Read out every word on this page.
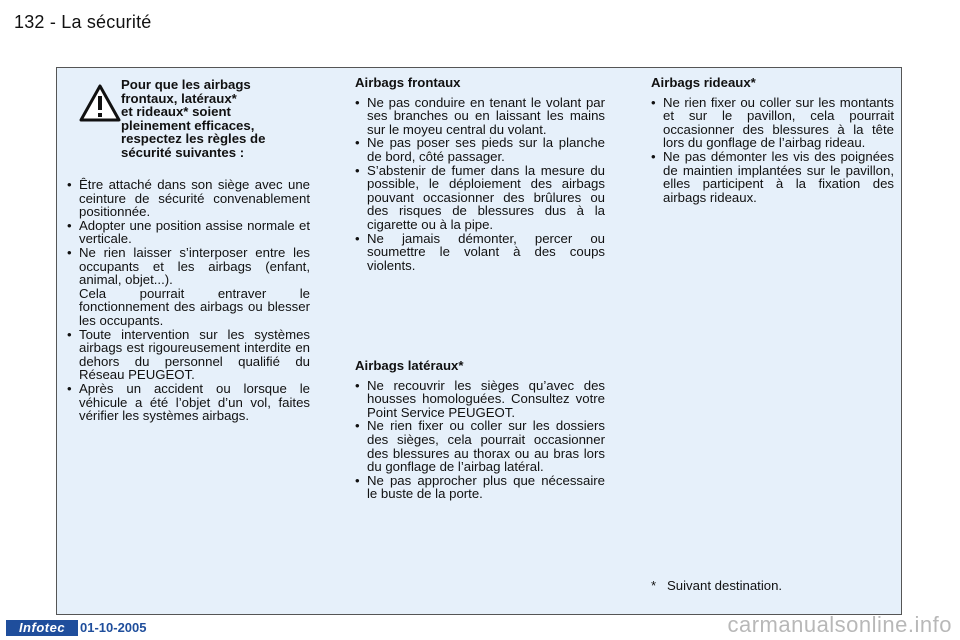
132 - La sécurité
Pour que les airbags
frontaux, latéraux*
et rideaux* soient
pleinement efficaces,
respectez les règles de
sécurité suivantes :
• Être attaché dans son siège avec une ceinture de sécurité convenablement positionnée.
• Adopter une position assise normale et verticale.
• Ne rien laisser s’interposer entre les occupants et les airbags (enfant, animal, objet...).
Cela pourrait entraver le fonctionnement des airbags ou blesser les occupants.
• Toute intervention sur les systèmes airbags est rigoureusement interdite en dehors du personnel qualifié du Réseau PEUGEOT.
• Après un accident ou lorsque le véhicule a été l’objet d’un vol, faites vérifier les systèmes airbags.
Airbags frontaux
• Ne pas conduire en tenant le volant par ses branches ou en laissant les mains sur le moyeu central du volant.
• Ne pas poser ses pieds sur la planche de bord, côté passager.
• S’abstenir de fumer dans la mesure du possible, le déploiement des airbags pouvant occasionner des brûlures ou des risques de blessures dus à la cigarette ou à la pipe.
• Ne jamais démonter, percer ou soumettre le volant à des coups violents.
Airbags latéraux*
• Ne recouvrir les sièges qu’avec des housses homologuées. Consultez votre Point Service PEUGEOT.
• Ne rien fixer ou coller sur les dossiers des sièges, cela pourrait occasionner des blessures au thorax ou au bras lors du gonflage de l’airbag latéral.
• Ne pas approcher plus que nécessaire le buste de la porte.
Airbags rideaux*
• Ne rien fixer ou coller sur les montants et sur le pavillon, cela pourrait occasionner des blessures à la tête lors du gonflage de l’airbag rideau.
• Ne pas démonter les vis des poignées de maintien implantées sur le pavillon, elles participent à la fixation des airbags rideaux.
* Suivant destination.
Infotec	01-10-2005	carmanualsonline.info
